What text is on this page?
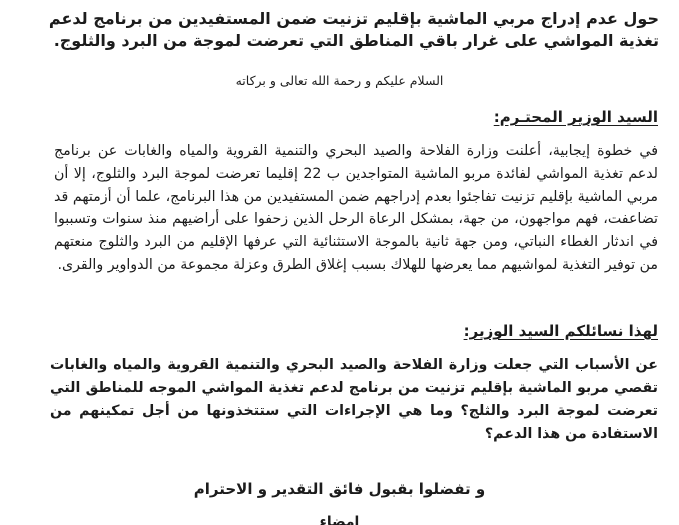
حول عدم إدراج مربي الماشية بإقليم تزنيت ضمن المستفيدين من برنامج لدعم تغذية المواشي على غرار باقي المناطق التي تعرضت لموجة من البرد والثلوج.
السلام عليكم و رحمة الله تعالى و بركاته
السيد الوزير المحتـرم:
في خطوة إيجابية، أعلنت وزارة الفلاحة والصيد البحري والتنمية القروية والمياه والغابات عن برنامج لدعم تغذية المواشي لفائدة مربو الماشية المتواجدين ب 22 إقليما تعرضت لموجة البرد والثلوج، إلا أن مربي الماشية بإقليم تزنيت تفاجئوا بعدم إدراجهم ضمن المستفيدين من هذا البرنامج، علما أن أزمتهم قد تضاعفت، فهم مواجهون، من جهة، بمشكل الرعاة الرحل الذين زحفوا على أراضيهم منذ سنوات وتسببوا في اندثار الغطاء النباتي، ومن جهة ثانية بالموجة الاستثنائية التي عرفها الإقليم من البرد والثلوج منعتهم من توفير التغذية لمواشيهم مما يعرضها للهلاك بسبب إغلاق الطرق وعزلة مجموعة من الدواوير والقرى.
لهذا نسائلكم السيد الوزير:
عن الأسباب التي جعلت وزارة الفلاحة والصيد البحري والتنمية القروية والمياه والغابات تقصي مربو الماشية بإقليم تزنيت من برنامج لدعم تغذية المواشي الموجه للمناطق التي تعرضت لموجة البرد والثلج؟ وما هي الإجراءات التي ستتخذونها من أجل تمكينهم من الاستفادة من هذا الدعم؟
و تفضلوا بقبول فائق التقدير و الاحترام
امضاء
